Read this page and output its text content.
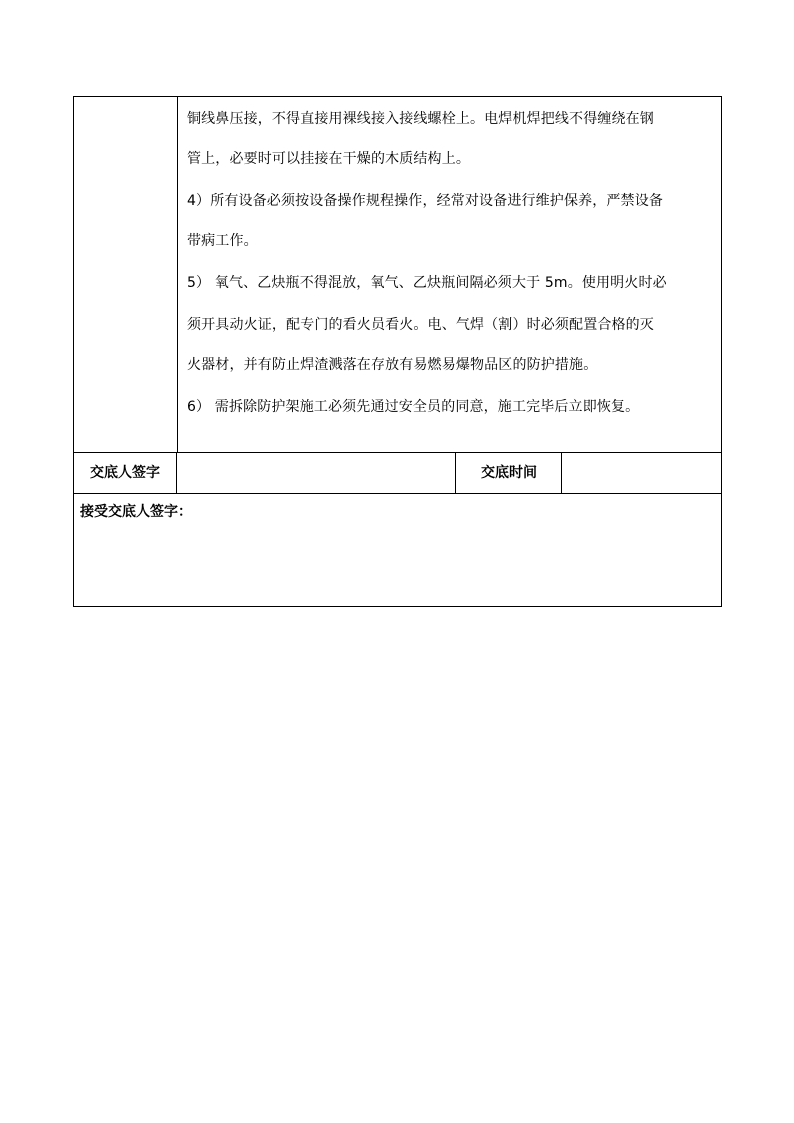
铜线鼻压接，不得直接用裸线接入接线螺栓上。电焊机焊把线不得缠绕在钢
管上，必要时可以挂接在干燥的木质结构上。
4）所有设备必须按设备操作规程操作，经常对设备进行维护保养，严禁设备
带病工作。
5） 氧气、乙炔瓶不得混放，氧气、乙炔瓶间隔必须大于 5m。使用明火时必
须开具动火证，配专门的看火员看火。电、气焊（割）时必须配置合格的灭
火器材，并有防止焊渣溅落在存放有易燃易爆物品区的防护措施。
6） 需拆除防护架施工必须先通过安全员的同意，施工完毕后立即恢复。
交底人签字	交底时间
接受交底人签字：
